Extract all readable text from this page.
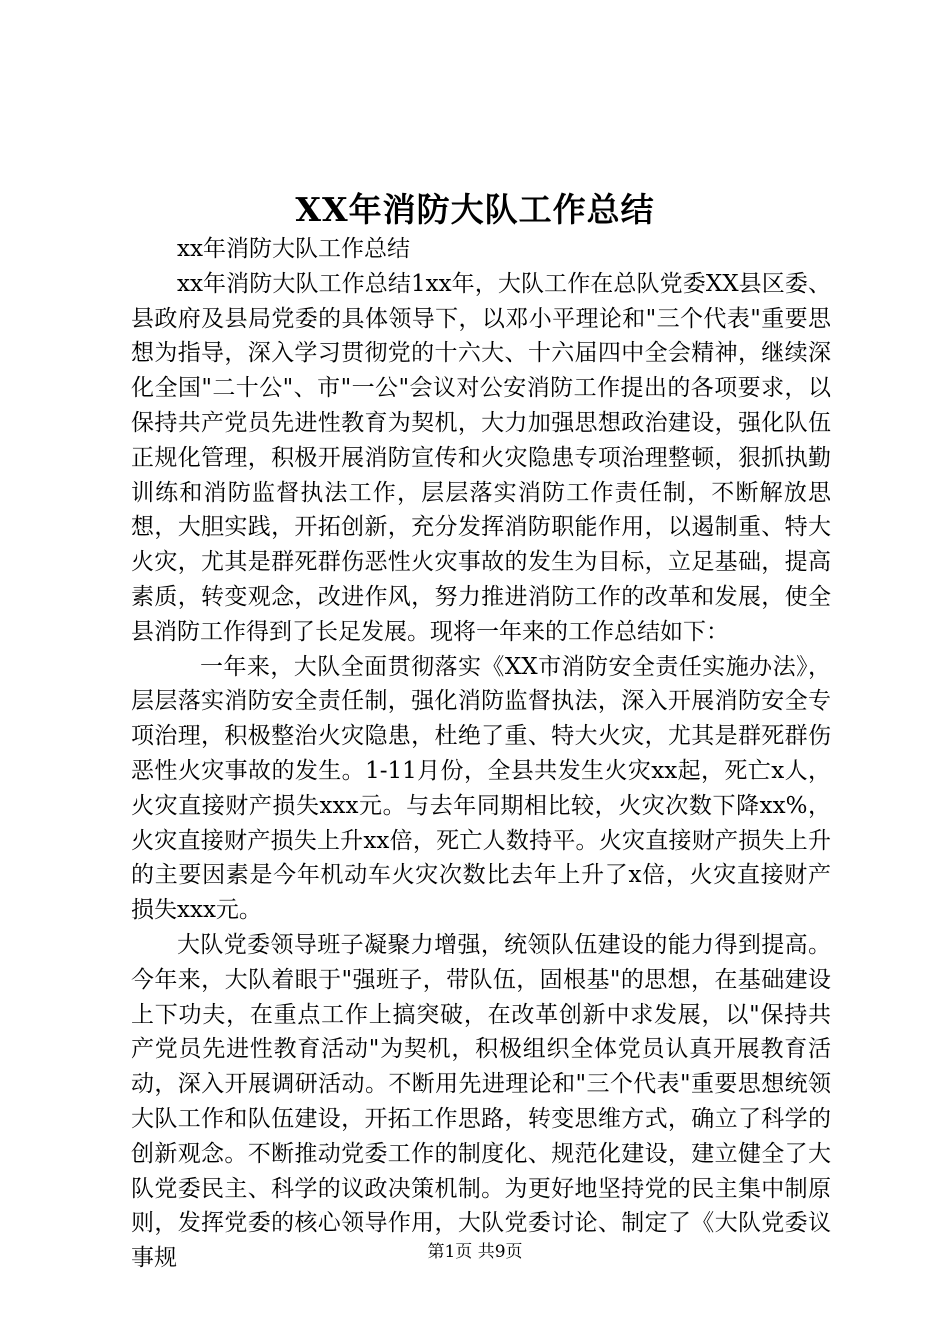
XX年消防大队工作总结

xx年消防大队工作总结

xx年消防大队工作总结1xx年，大队工作在总队党委XX县区委、县政府及县局党委的具体领导下，以邓小平理论和"三个代表"重要思想为指导，深入学习贯彻党的十六大、十六届四中全会精神，继续深化全国"二十公"、市"一公"会议对公安消防工作提出的各项要求，以保持共产党员先进性教育为契机，大力加强思想政治建设，强化队伍正规化管理，积极开展消防宣传和火灾隐患专项治理整顿，狠抓执勤训练和消防监督执法工作，层层落实消防工作责任制，不断解放思想，大胆实践，开拓创新，充分发挥消防职能作用，以遏制重、特大火灾，尤其是群死群伤恶性火灾事故的发生为目标，立足基础，提高素质，转变观念，改进作风，努力推进消防工作的改革和发展，使全县消防工作得到了长足发展。现将一年来的工作总结如下：

一年来，大队全面贯彻落实《XX市消防安全责任实施办法》，层层落实消防安全责任制，强化消防监督执法，深入开展消防安全专项治理，积极整治火灾隐患，杜绝了重、特大火灾，尤其是群死群伤恶性火灾事故的发生。1-11月份，全县共发生火灾xx起，死亡x人，火灾直接财产损失xxx元。与去年同期相比较，火灾次数下降xx%，火灾直接财产损失上升xx倍，死亡人数持平。火灾直接财产损失上升的主要因素是今年机动车火灾次数比去年上升了x倍，火灾直接财产损失xxx元。

大队党委领导班子凝聚力增强，统领队伍建设的能力得到提高。今年来，大队着眼于"强班子，带队伍，固根基"的思想，在基础建设上下功夫，在重点工作上搞突破，在改革创新中求发展，以"保持共产党员先进性教育活动"为契机，积极组织全体党员认真开展教育活动，深入开展调研活动。不断用先进理论和"三个代表"重要思想统领大队工作和队伍建设，开拓工作思路，转变思维方式，确立了科学的创新观念。不断推动党委工作的制度化、规范化建设，建立健全了大队党委民主、科学的议政决策机制。为更好地坚持党的民主集中制原则，发挥党委的核心领导作用，大队党委讨论、制定了《大队党委议事规	第1页 共9页
